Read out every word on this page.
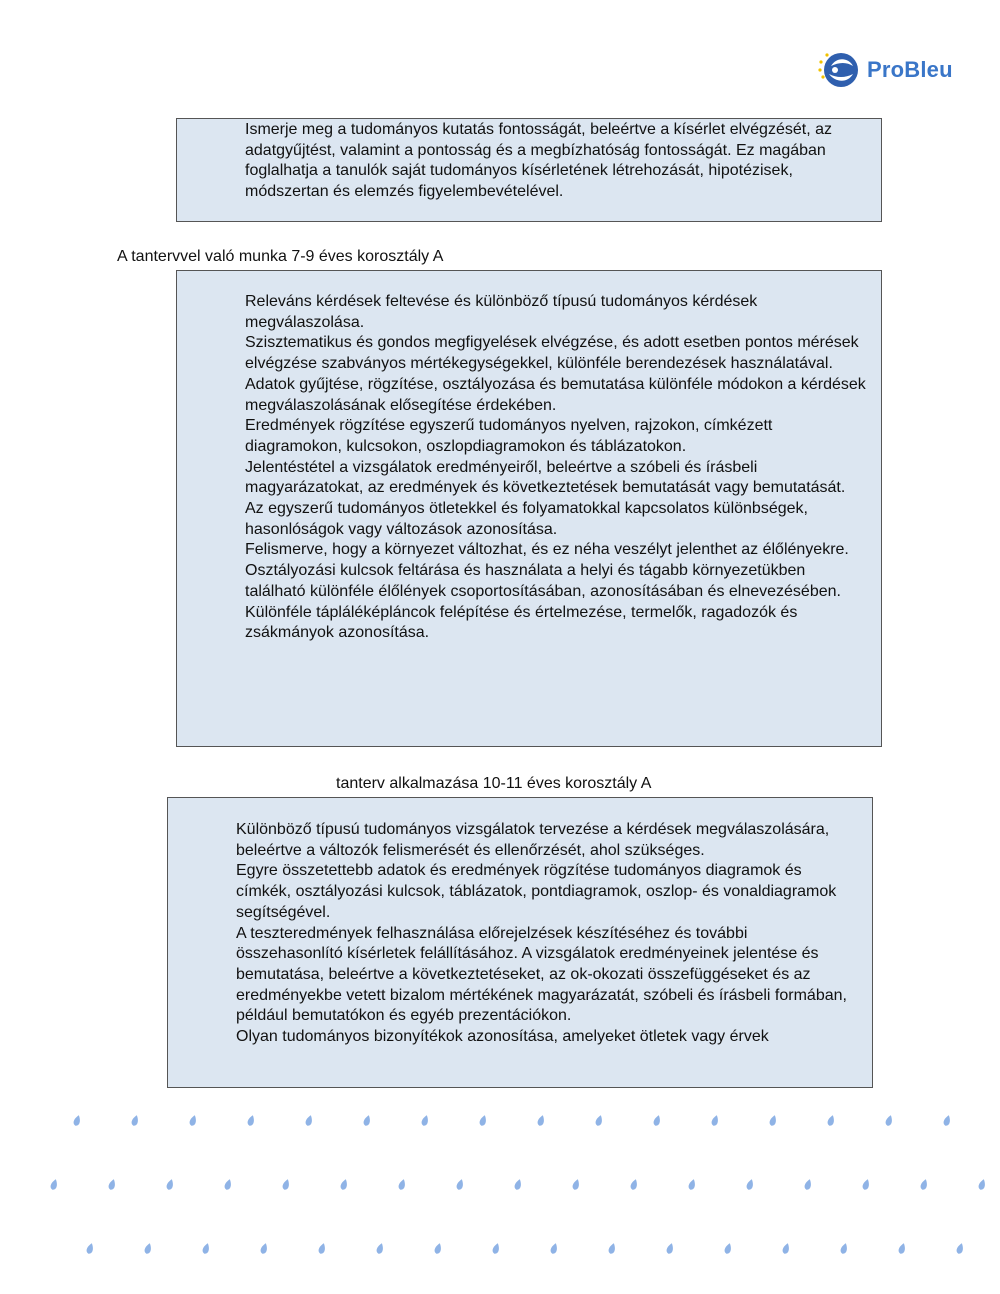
ProBleu

Ismerje meg a tudományos kutatás fontosságát, beleértve a kísérlet elvégzését, az adatgyűjtést, valamint a pontosság és a megbízhatóság fontosságát. Ez magában foglalhatja a tanulók saját tudományos kísérletének létrehozását, hipotézisek, módszertan és elemzés figyelembevételével.

A tantervvel való munka 7-9 éves korosztály A

Releváns kérdések feltevése és különböző típusú tudományos kérdések megválaszolása.

Szisztematikus és gondos megfigyelések elvégzése, és adott esetben pontos mérések elvégzése szabványos mértékegységekkel, különféle berendezések használatával.

Adatok gyűjtése, rögzítése, osztályozása és bemutatása különféle módokon a kérdések megválaszolásának elősegítése érdekében.

Eredmények rögzítése egyszerű tudományos nyelven, rajzokon, címkézett diagramokon, kulcsokon, oszlopdiagramokon és táblázatokon.

Jelentéstétel a vizsgálatok eredményeiről, beleértve a szóbeli és írásbeli magyarázatokat, az eredmények és következtetések bemutatását vagy bemutatását.

Az egyszerű tudományos ötletekkel és folyamatokkal kapcsolatos különbségek, hasonlóságok vagy változások azonosítása.

Felismerve, hogy a környezet változhat, és ez néha veszélyt jelenthet az élőlényekre.

Osztályozási kulcsok feltárása és használata a helyi és tágabb környezetükben található különféle élőlények csoportosításában, azonosításában és elnevezésében.

Különféle tápláléképláncok felépítése és értelmezése, termelők, ragadozók és zsákmányok azonosítása.

tanterv alkalmazása 10-11 éves korosztály A

Különböző típusú tudományos vizsgálatok tervezése a kérdések megválaszolására, beleértve a változók felismerését és ellenőrzését, ahol szükséges.

Egyre összetettebb adatok és eredmények rögzítése tudományos diagramok és címkék, osztályozási kulcsok, táblázatok, pontdiagramok, oszlop- és vonaldiagramok segítségével.

A teszteredmények felhasználása előrejelzések készítéséhez és további összehasonlító kísérletek felállításához. A vizsgálatok eredményeinek jelentése és bemutatása, beleértve a következtetéseket, az ok-okozati összefüggéseket és az eredményekbe vetett bizalom mértékének magyarázatát, szóbeli és írásbeli formában, például bemutatókon és egyéb prezentációkon.

Olyan tudományos bizonyítékok azonosítása, amelyeket ötletek vagy érvek
